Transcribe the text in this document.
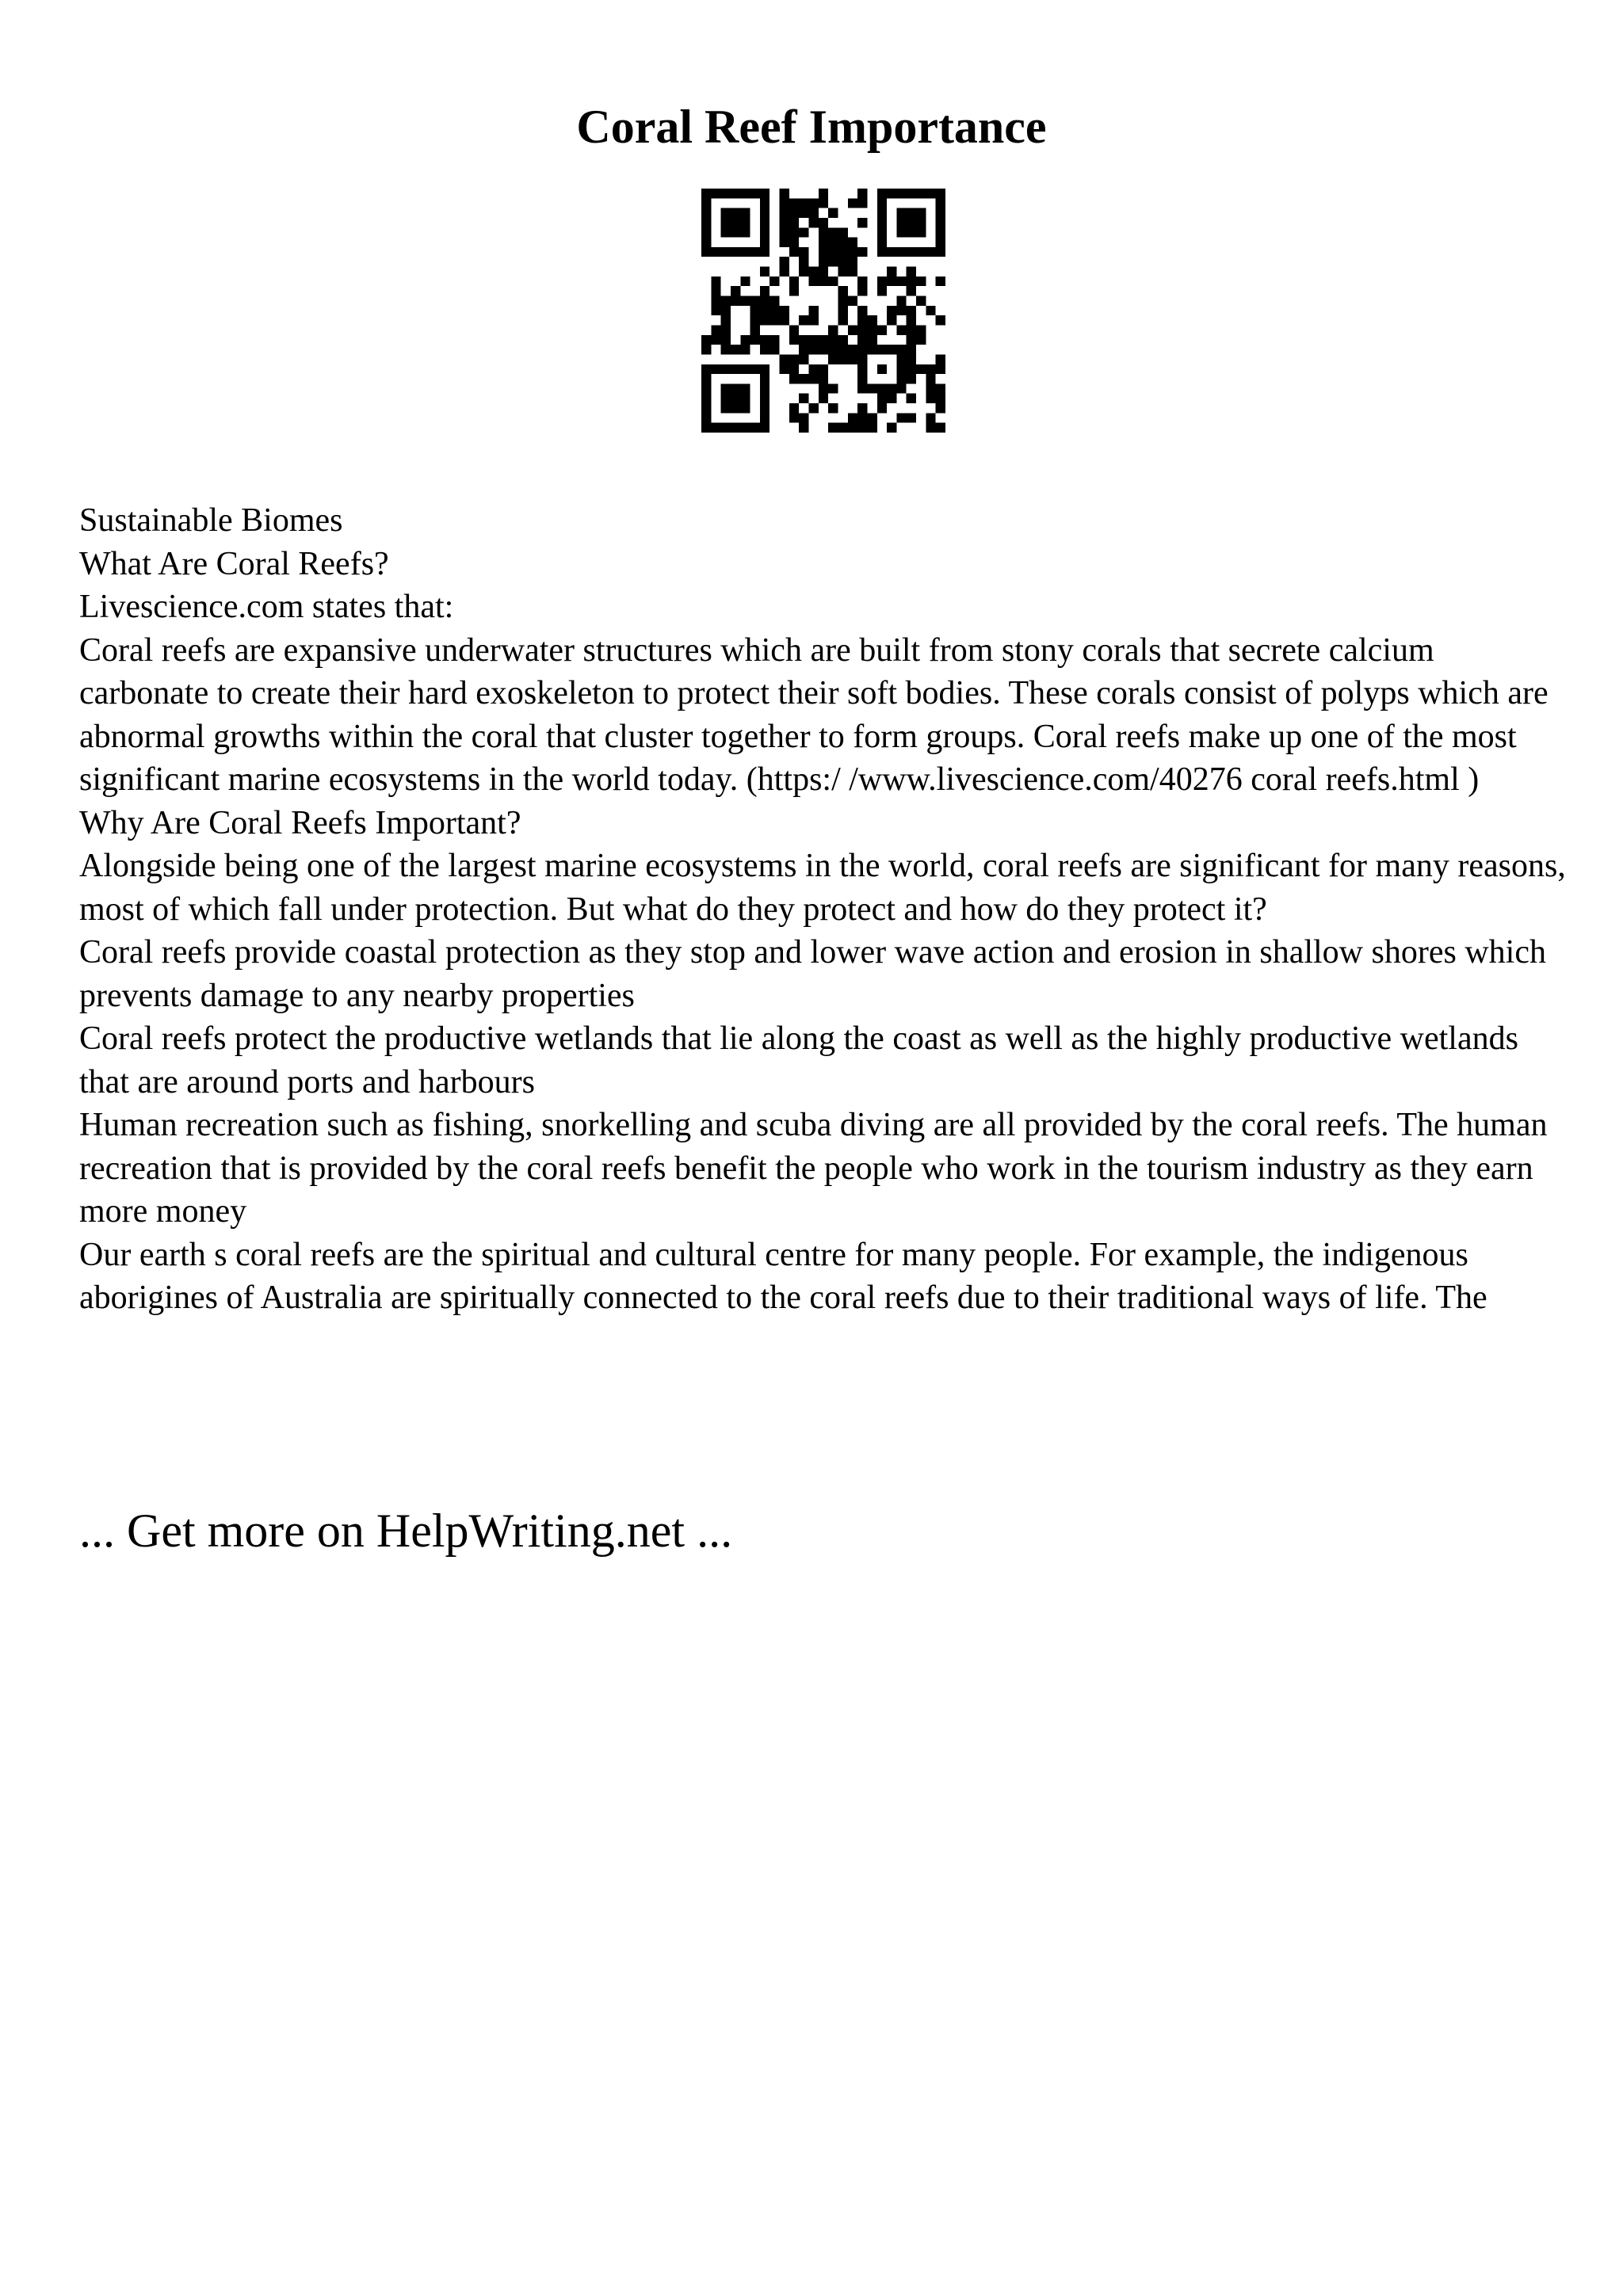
Coral Reef Importance

Sustainable Biomes

What Are Coral Reefs?

Livescience.com states that:

Coral reefs are expansive underwater structures which are built from stony corals that secrete calcium carbonate to create their hard exoskeleton to protect their soft bodies. These corals consist of polyps which are abnormal growths within the coral that cluster together to form groups. Coral reefs make up one of the most significant marine ecosystems in the world today. (https:/ /www.livescience.com/40276 coral reefs.html )

Why Are Coral Reefs Important?

Alongside being one of the largest marine ecosystems in the world, coral reefs are significant for many reasons, most of which fall under protection. But what do they protect and how do they protect it?

Coral reefs provide coastal protection as they stop and lower wave action and erosion in shallow shores which prevents damage to any nearby properties

Coral reefs protect the productive wetlands that lie along the coast as well as the highly productive wetlands that are around ports and harbours

Human recreation such as fishing, snorkelling and scuba diving are all provided by the coral reefs. The human recreation that is provided by the coral reefs benefit the people who work in the tourism industry as they earn more money

Our earth s coral reefs are the spiritual and cultural centre for many people. For example, the indigenous aborigines of Australia are spiritually connected to the coral reefs due to their traditional ways of life. The

... Get more on HelpWriting.net ...
